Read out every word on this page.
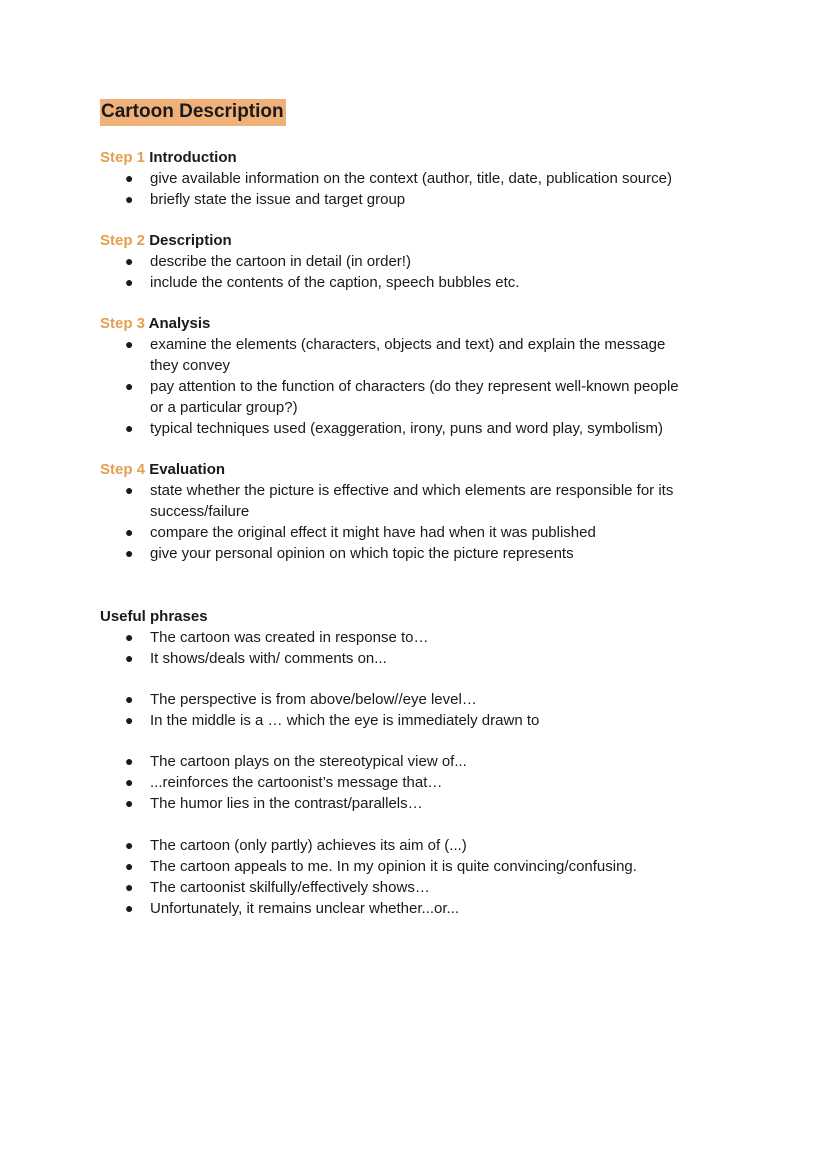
Cartoon Description
Step 1 Introduction
● give available information on the context (author, title, date, publication source)
● briefly state the issue and target group
Step 2 Description
● describe the cartoon in detail (in order!)
● include the contents of the caption, speech bubbles etc.
Step 3 Analysis
● examine the elements (characters, objects and text) and explain the message they convey
● pay attention to the function of characters (do they represent well-known people or a particular group?)
● typical techniques used (exaggeration, irony, puns and word play, symbolism)
Step 4 Evaluation
● state whether the picture is effective and which elements are responsible for its success/failure
● compare the original effect it might have had when it was published
● give your personal opinion on which topic the picture represents
Useful phrases
● The cartoon was created in response to…
● It shows/deals with/ comments on...
● The perspective is from above/below//eye level…
● In the middle is a … which the eye is immediately drawn to
● The cartoon plays on the stereotypical view of...
● ...reinforces the cartoonist’s message that…
● The humor lies in the contrast/parallels…
● The cartoon (only partly) achieves its aim of (...)
● The cartoon appeals to me. In my opinion it is quite convincing/confusing.
● The cartoonist skilfully/effectively shows…
● Unfortunately, it remains unclear whether...or...
